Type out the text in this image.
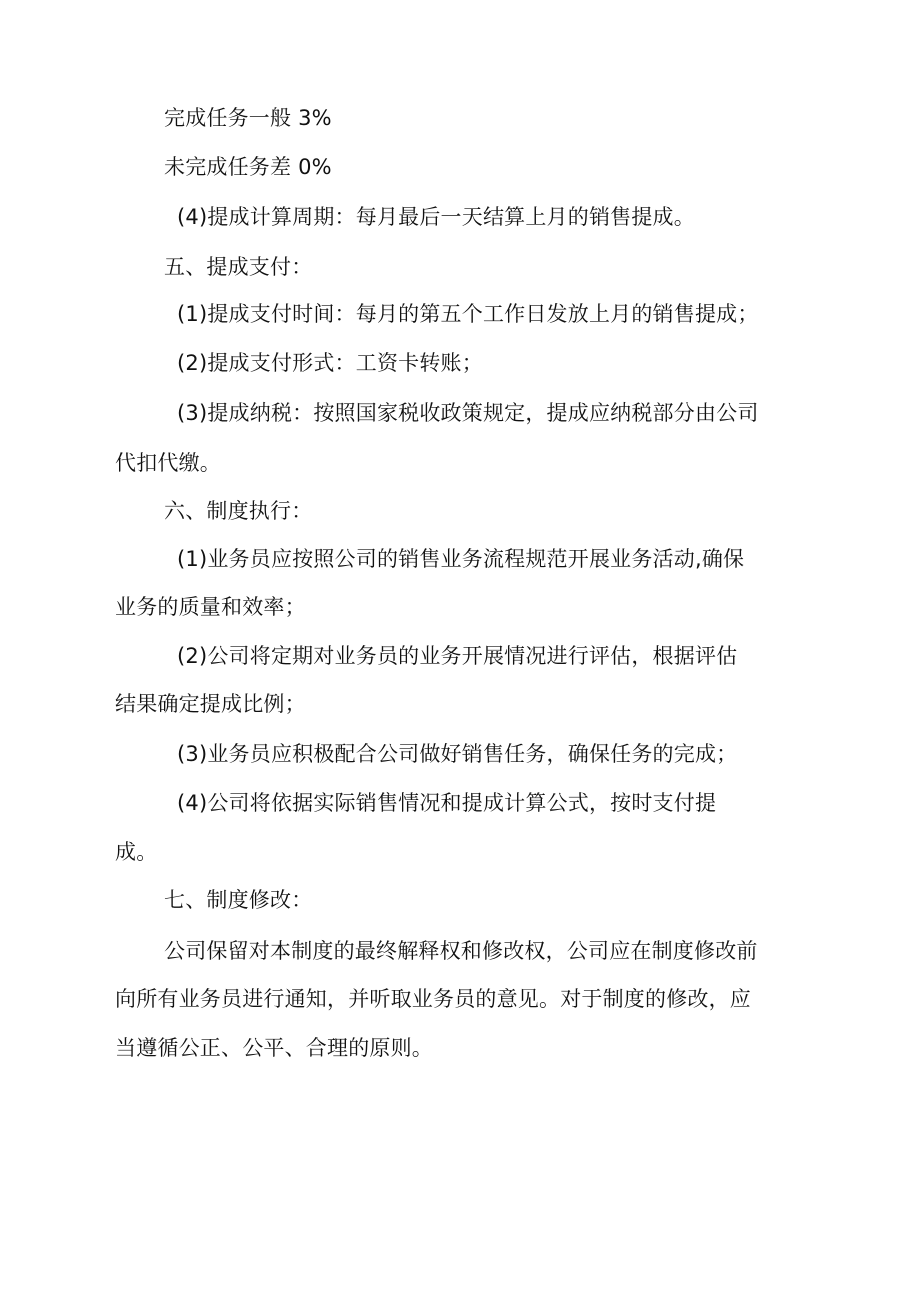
完成任务一般 3%
未完成任务差 0%
(4)提成计算周期：每月最后一天结算上月的销售提成。
五、提成支付：
(1)提成支付时间：每月的第五个工作日发放上月的销售提成；
(2)提成支付形式：工资卡转账；
(3)提成纳税：按照国家税收政策规定，提成应纳税部分由公司
代扣代缴。
六、制度执行：
(1)业务员应按照公司的销售业务流程规范开展业务活动,确保
业务的质量和效率；
(2)公司将定期对业务员的业务开展情况进行评估，根据评估
结果确定提成比例；
(3)业务员应积极配合公司做好销售任务，确保任务的完成；
(4)公司将依据实际销售情况和提成计算公式，按时支付提
成。
七、制度修改：
公司保留对本制度的最终解释权和修改权，公司应在制度修改前
向所有业务员进行通知，并听取业务员的意见。对于制度的修改，应
当遵循公正、公平、合理的原则。
